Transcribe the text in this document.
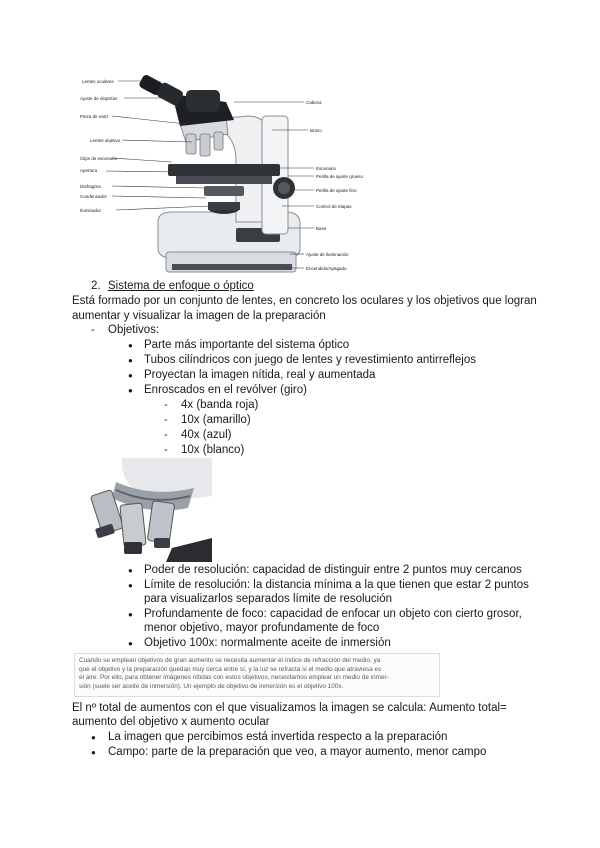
Lentes oculares
Ajuste de dioptrías
Pieza de nariz
Lentes objetivo
Clips de escenario
Apertura
Diafragma
Condensador
Iluminador
Cabeza
Brazo
Escenario
Perilla de ajuste grueso
Perilla de ajuste fino
Control de etapas
Base
Ajuste de iluminación
Encendido/Apagado
2. Sistema de enfoque o óptico
Está formado por un conjunto de lentes, en concreto los oculares y los objetivos que logran
aumentar y visualizar la imagen de la preparación
- Objetivos:
● Parte más importante del sistema óptico
● Tubos cilíndricos con juego de lentes y revestimiento antirreflejos
● Proyectan la imagen nítida, real y aumentada
● Enroscados en el revólver (giro)
- 4x (banda roja)
- 10x (amarillo)
- 40x (azul)
- 10x (blanco)
● Poder de resolución: capacidad de distinguir entre 2 puntos muy cercanos
● Límite de resolución: la distancia mínima a la que tienen que estar 2 puntos
para visualizarlos separados límite de resolución
● Profundamente de foco: capacidad de enfocar un objeto con cierto grosor,
menor objetivo, mayor profundamente de foco
● Objetivo 100x: normalmente aceite de inmersión
Cuando se emplean objetivos de gran aumento se necesita aumentar el índice de refracción del medio, ya
que el objetivo y la preparación quedan muy cerca entre sí, y la luz se refracta si el medio que atraviesa es
el aire. Por ello, para obtener imágenes nítidas con estos objetivos, necesitamos emplear un medio de inmer-
sión (suele ser aceite de inmersión). Un ejemplo de objetivo de inmersión es el objetivo 100x.
El nº total de aumentos con el que visualizamos la imagen se calcula: Aumento total=
aumento del objetivo x aumento ocular
● La imagen que percibimos está invertida respecto a la preparación
● Campo: parte de la preparación que veo, a mayor aumento, menor campo
